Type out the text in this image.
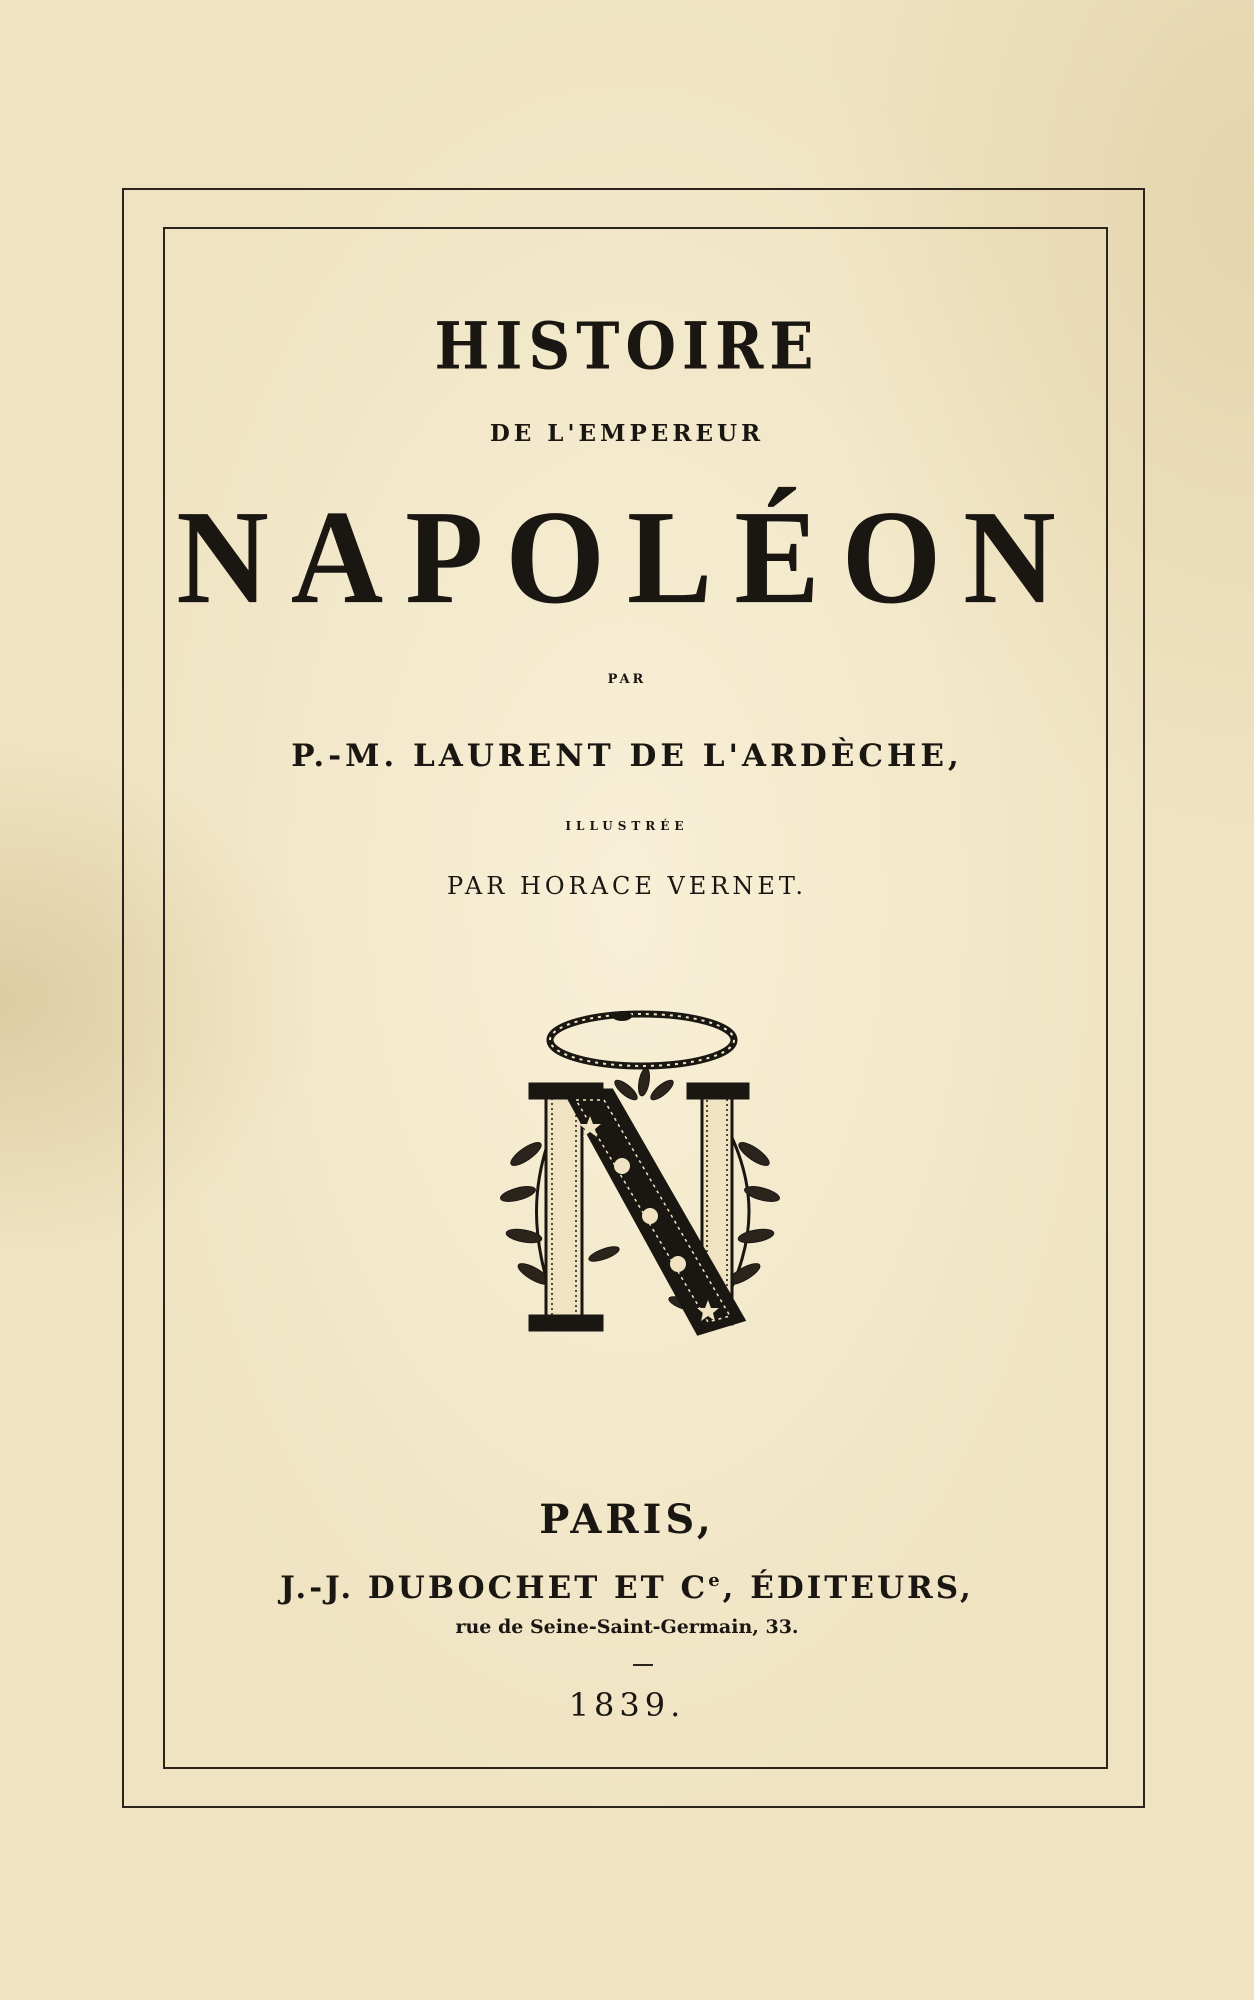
HISTOIRE
DE L'EMPEREUR
NAPOLÉON
PAR
P.-M. LAURENT DE L'ARDÈCHE,
ILLUSTRÉE
PAR HORACE VERNET.
PARIS,
J.-J. DUBOCHET ET Ce, ÉDITEURS,
rue de Seine-Saint-Germain, 33.
1839.
